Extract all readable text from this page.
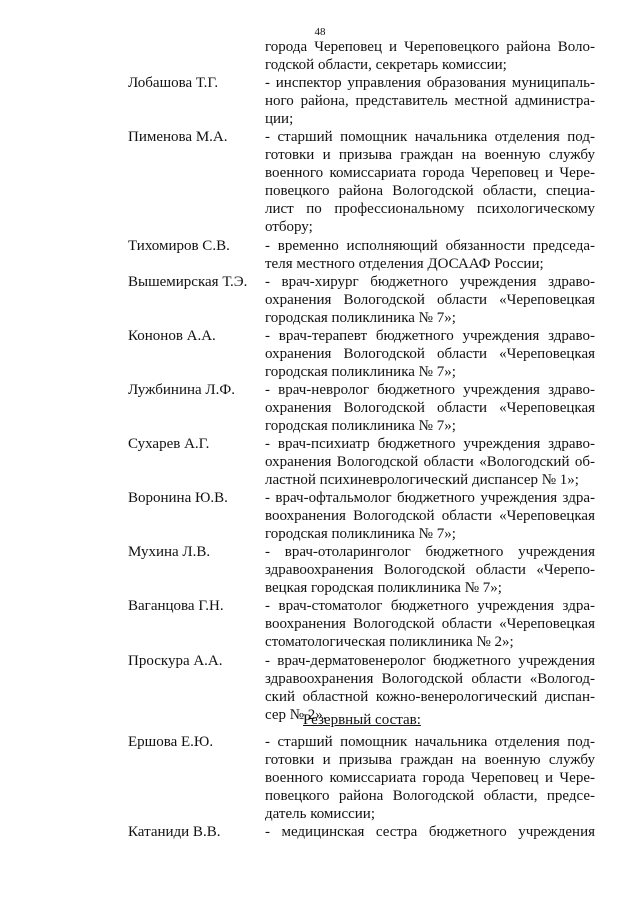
48
города Череповец и Череповецкого района Воло-
годской области, секретарь комиссии;
Лобашова Т.Г.	- инспектор управления образования муниципаль-
ного района, представитель местной администра-
ции;
Пименова М.А.	- старший помощник начальника отделения под-
готовки и призыва граждан на военную службу
военного комиссариата города Череповец и Чере-
повецкого района Вологодской области, специа-
лист по профессиональному психологическому
отбору;
Тихомиров С.В. - временно исполняющий обязанности председа-
теля местного отделения ДОСААФ России;
Вышемирская Т.Э. - врач-хирург бюджетного учреждения здраво-
охранения Вологодской области «Череповецкая
городская поликлиника № 7»;
Кононов А.А.	- врач-терапевт бюджетного учреждения здраво-
охранения Вологодской области «Череповецкая
городская поликлиника № 7»;
Лужбинина Л.Ф. - врач-невролог бюджетного учреждения здраво-
охранения Вологодской области «Череповецкая
городская поликлиника № 7»;
Сухарев А.Г.	- врач-психиатр бюджетного учреждения здраво-
охранения Вологодской области «Вологодский об-
ластной психиневрологический диспансер № 1»;
Воронина Ю.В. - врач-офтальмолог бюджетного учреждения здра-
воохранения Вологодской области «Череповецкая
городская поликлиника № 7»;
Мухина Л.В.	- врач-отоларинголог бюджетного учреждения
здравоохранения Вологодской области «Черепо-
вецкая городская поликлиника № 7»;
Ваганцова Г.Н.	- врач-стоматолог бюджетного учреждения здра-
воохранения Вологодской области «Череповецкая
стоматологическая поликлиника № 2»;
Проскура А.А.	- врач-дерматовенеролог бюджетного учреждения
здравоохранения Вологодской области «Вологод-
ский областной кожно-венерологический диспан-
сер № 2».
Резервный состав:
Ершова Е.Ю.	- старший помощник начальника отделения под-
готовки и призыва граждан на военную службу
военного комиссариата города Череповец и Чере-
повецкого района Вологодской области, предсе-
датель комиссии;
Катаниди В.В.	- медицинская сестра бюджетного учреждения
